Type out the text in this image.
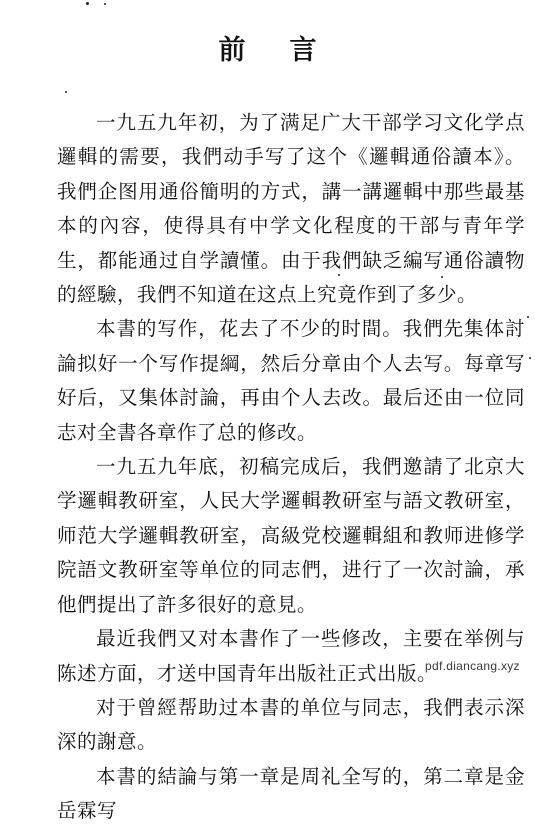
前言

一九五九年初，为了满足广大干部学习文化学点邏輯的需要，我們动手写了这个《邏輯通俗讀本》。我們企图用通俗簡明的方式，講一講邏輯中那些最基本的內容，使得具有中学文化程度的干部与青年学生，都能通过自学讀懂。由于我們缺乏編写通俗讀物的經驗，我們不知道在这点上究竟作到了多少。

本書的写作，花去了不少的时間。我們先集体討論拟好一个写作提綱，然后分章由个人去写。每章写好后，又集体討論，再由个人去改。最后还由一位同志对全書各章作了总的修改。

一九五九年底，初稿完成后，我們邀請了北京大学邏輯教研室，人民大学邏輯教研室与語文教研室，师范大学邏輯教研室，高級党校邏輯組和教师进修学院語文教研室等单位的同志們，进行了一次討論，承他們提出了許多很好的意見。

最近我們又对本書作了一些修改，主要在举例与陈述方面，才送中国青年出版社正式出版。

对于曾經帮助过本書的单位与同志，我們表示深深的謝意。

本書的結論与第一章是周礼全写的，第二章是金岳霖写

pdf.diancang.xyz
